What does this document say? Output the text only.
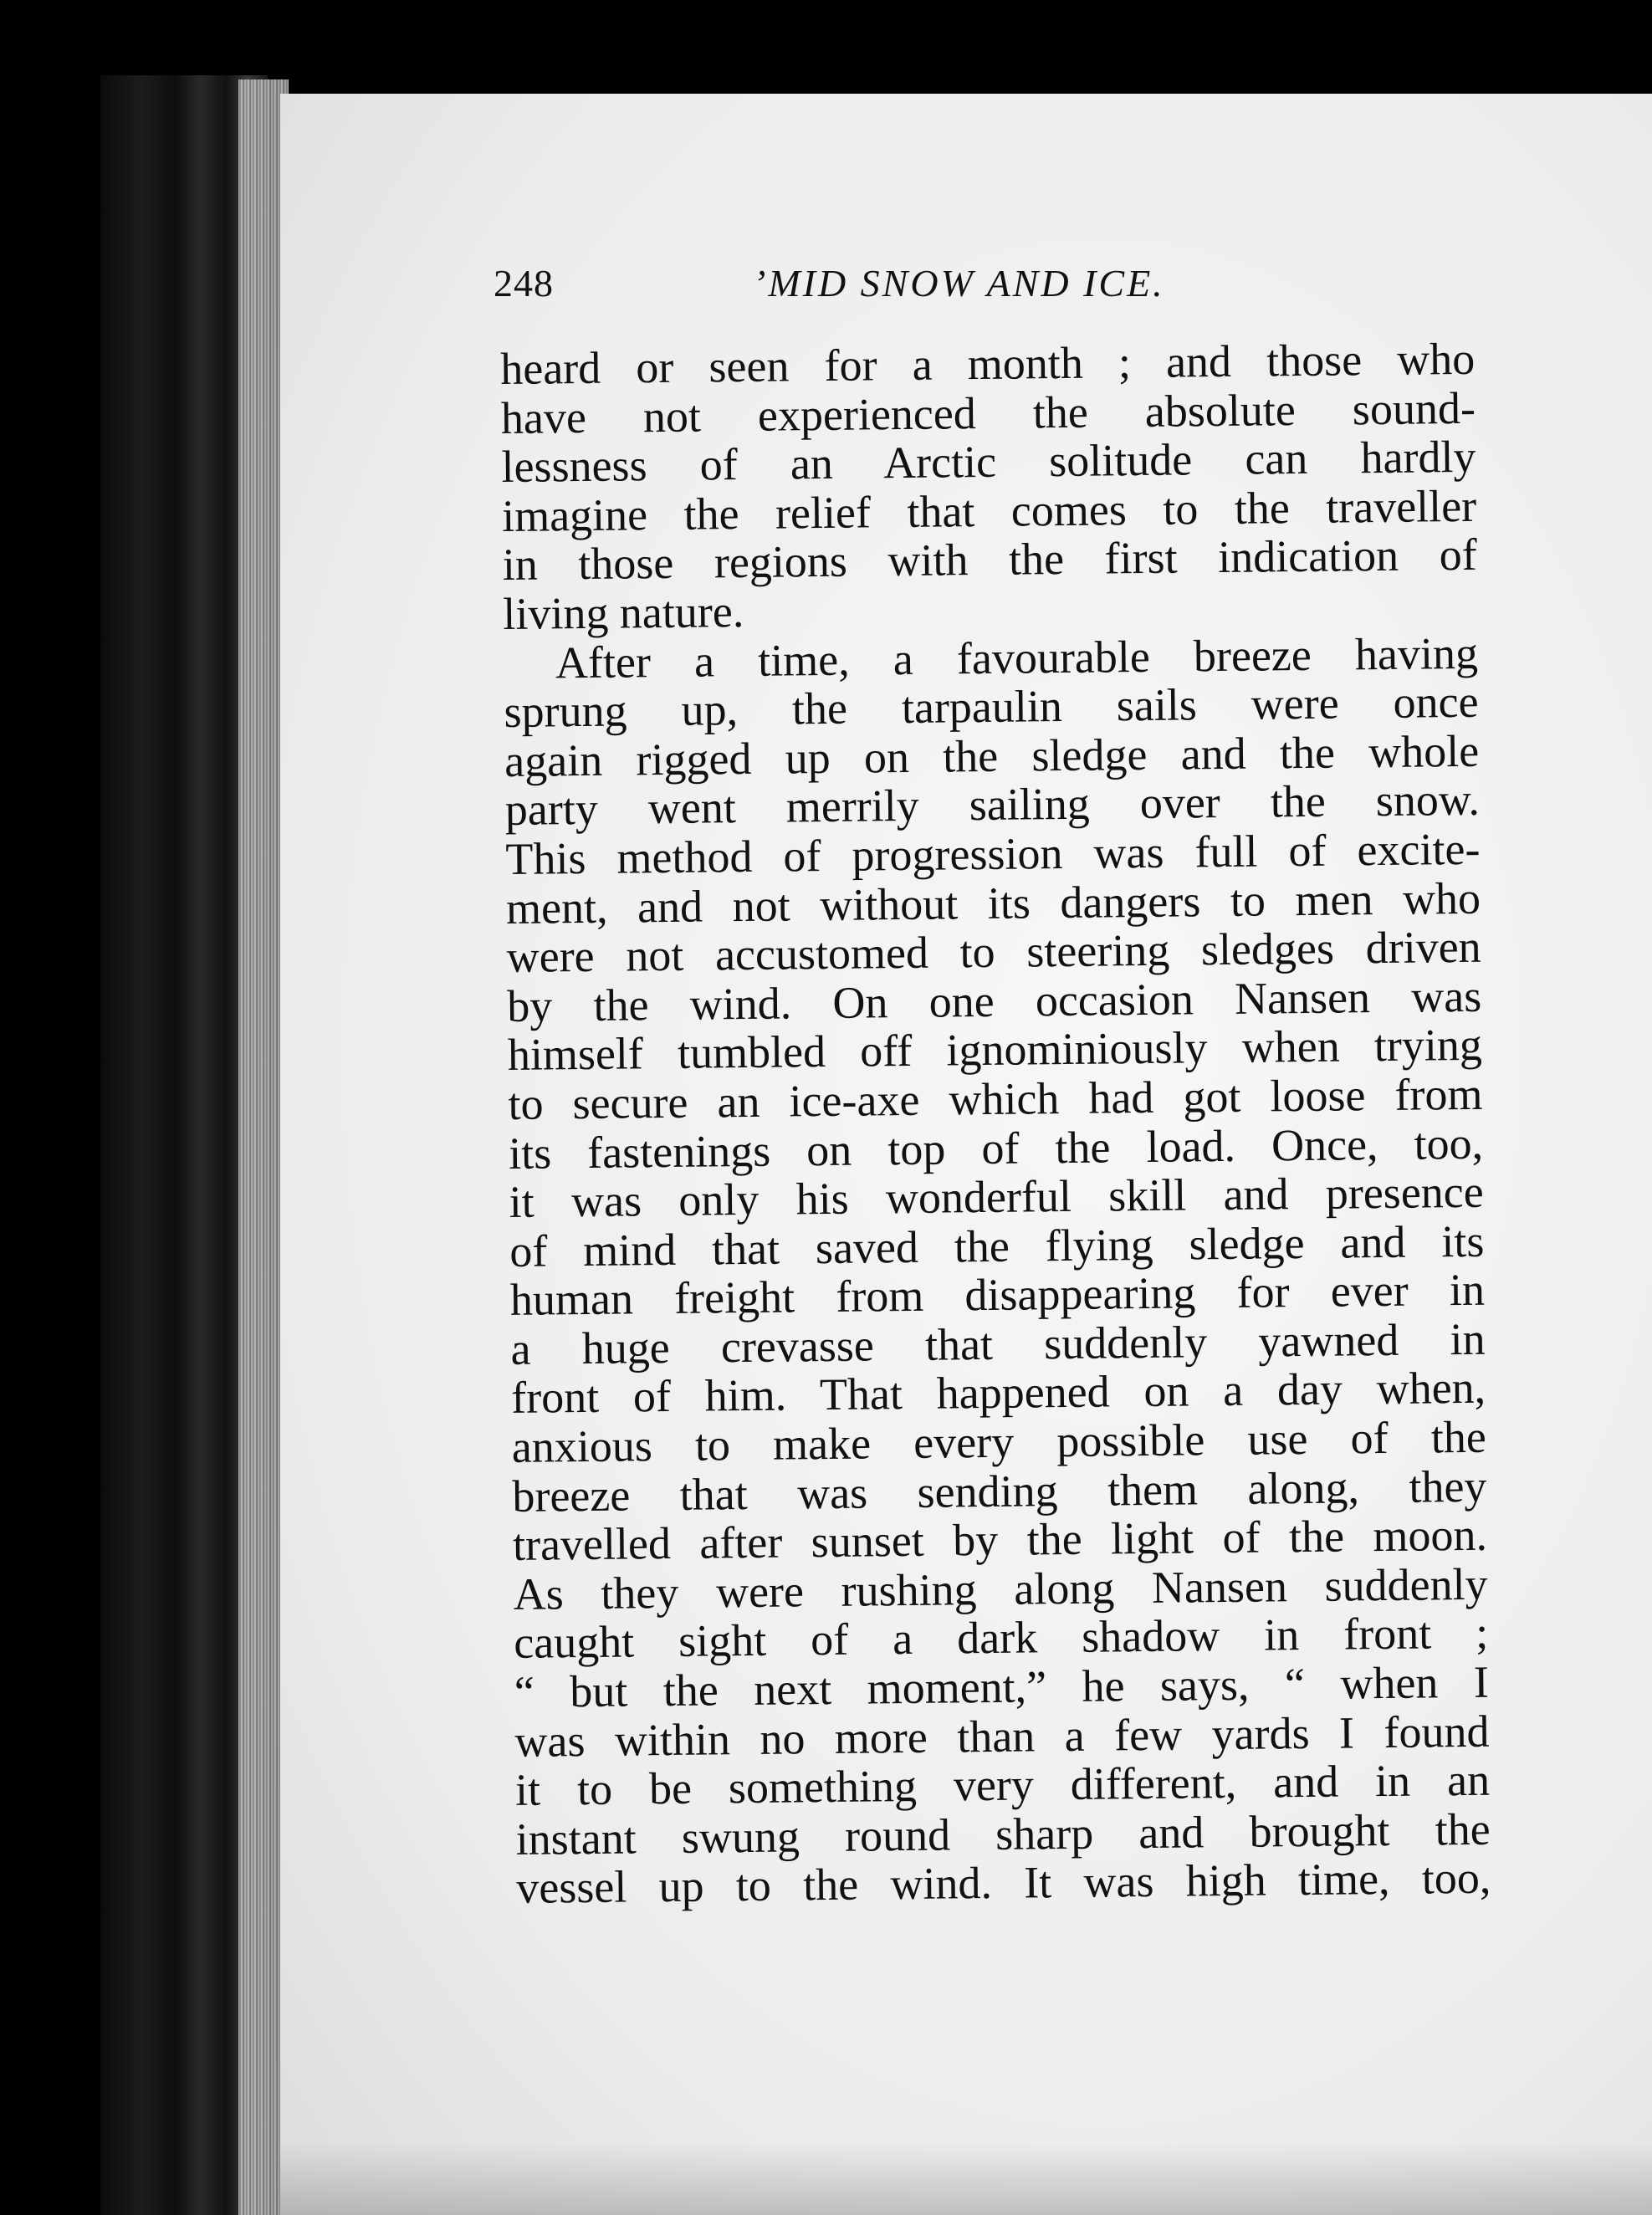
248	’MID SNOW AND ICE.
heard or seen for a month ; and those who
have not experienced the absolute sound-
lessness of an Arctic solitude can hardly
imagine the relief that comes to the traveller
in those regions with the first indication of
living nature.
After a time, a favourable breeze having
sprung up, the tarpaulin sails were once
again rigged up on the sledge and the whole
party went merrily sailing over the snow.
This method of progression was full of excite-
ment, and not without its dangers to men who
were not accustomed to steering sledges driven
by the wind. On one occasion Nansen was
himself tumbled off ignominiously when trying
to secure an ice-axe which had got loose from
its fastenings on top of the load. Once, too,
it was only his wonderful skill and presence
of mind that saved the flying sledge and its
human freight from disappearing for ever in
a huge crevasse that suddenly yawned in
front of him. That happened on a day when,
anxious to make every possible use of the
breeze that was sending them along, they
travelled after sunset by the light of the moon.
As they were rushing along Nansen suddenly
caught sight of a dark shadow in front ;
“ but the next moment,” he says, “ when I
was within no more than a few yards I found
it to be something very different, and in an
instant swung round sharp and brought the
vessel up to the wind. It was high time, too,
